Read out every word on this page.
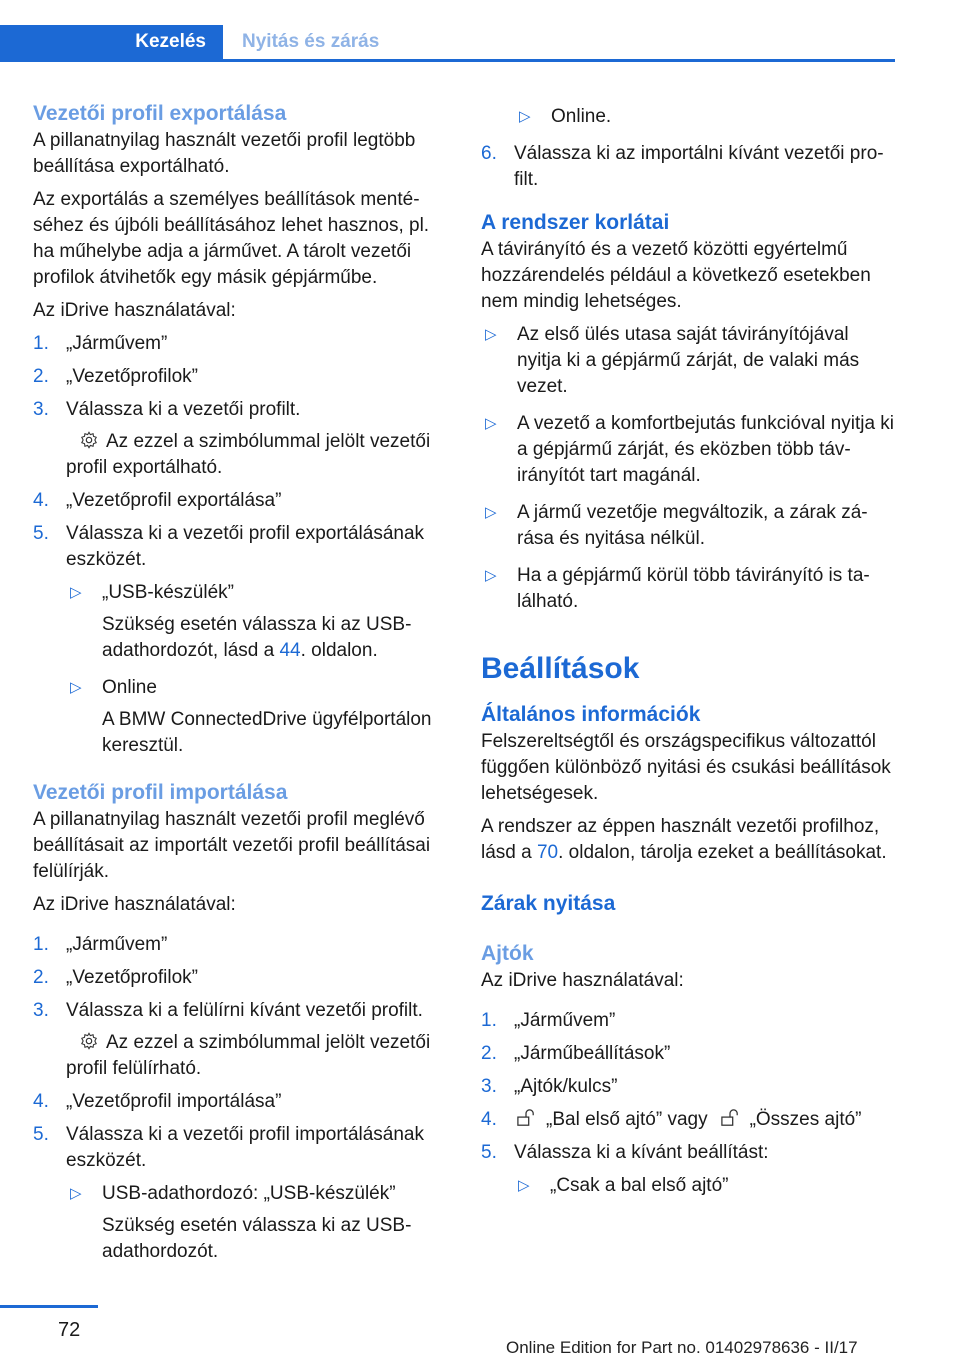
Kezelés	Nyitás és zárás
Vezetői profil exportálása

A pillanatnyilag használt vezetői profil legtöbb beállítása exportálható.

Az exportálás a személyes beállítások mentéséhez és újbóli beállításához lehet hasznos, pl. ha műhelybe adja a járművet. A tárolt vezetői profilok átvihetők egy másik gépjárműbe.

Az iDrive használatával:

1. „Járművem”
2. „Vezetőprofilok”
3. Válassza ki a vezetői profilt.
Az ezzel a szimbólummal jelölt vezetői profil exportálható.
4. „Vezetőprofil exportálása”
5. Válassza ki a vezetői profil exportálásának eszközét.
▷ „USB-készülék”
Szükség esetén válassza ki az USB-adathordozót, lásd a 44. oldalon.
▷ Online
A BMW ConnectedDrive ügyfélportálon keresztül.
Vezetői profil importálása

A pillanatnyilag használt vezetői profil meglévő beállításait az importált vezetői profil beállításai felülírják.

Az iDrive használatával:

1. „Járművem”
2. „Vezetőprofilok”
3. Válassza ki a felülírni kívánt vezetői profilt.
Az ezzel a szimbólummal jelölt vezetői profil felülírható.
4. „Vezetőprofil importálása”
5. Válassza ki a vezetői profil importálásának eszközét.
▷ USB-adathordozó: „USB-készülék”
Szükség esetén válassza ki az USB-adathordozót.
▷ Online.
6. Válassza ki az importálni kívánt vezetői profilt.
A rendszer korlátai

A távirányító és a vezető közötti egyértelmű hozzárendelés például a következő esetekben nem mindig lehetséges.

▷ Az első ülés utasa saját távirányítójával nyitja ki a gépjármű zárját, de valaki más vezet.
▷ A vezető a komfortbejutás funkcióval nyitja ki a gépjármű zárját, és eközben több távirányítót tart magánál.
▷ A jármű vezetője megváltozik, a zárak zárása és nyitása nélkül.
▷ Ha a gépjármű körül több távirányító is található.
Beállítások
Általános információk

Felszereltségtől és országspecifikus változattól függően különböző nyitási és csukási beállítások lehetségesek.

A rendszer az éppen használt vezetői profilhoz, lásd a 70. oldalon, tárolja ezeket a beállításokat.

Zárak nyitása
Ajtók

Az iDrive használatával:

1. „Járművem”
2. „Járműbeállítások”
3. „Ajtók/kulcs”
4.	„Bal első ajtó” vagy „Összes ajtó”
5. Válassza ki a kívánt beállítást:
▷ „Csak a bal első ajtó”
72
Online Edition for Part no. 01402978636 - II/17
